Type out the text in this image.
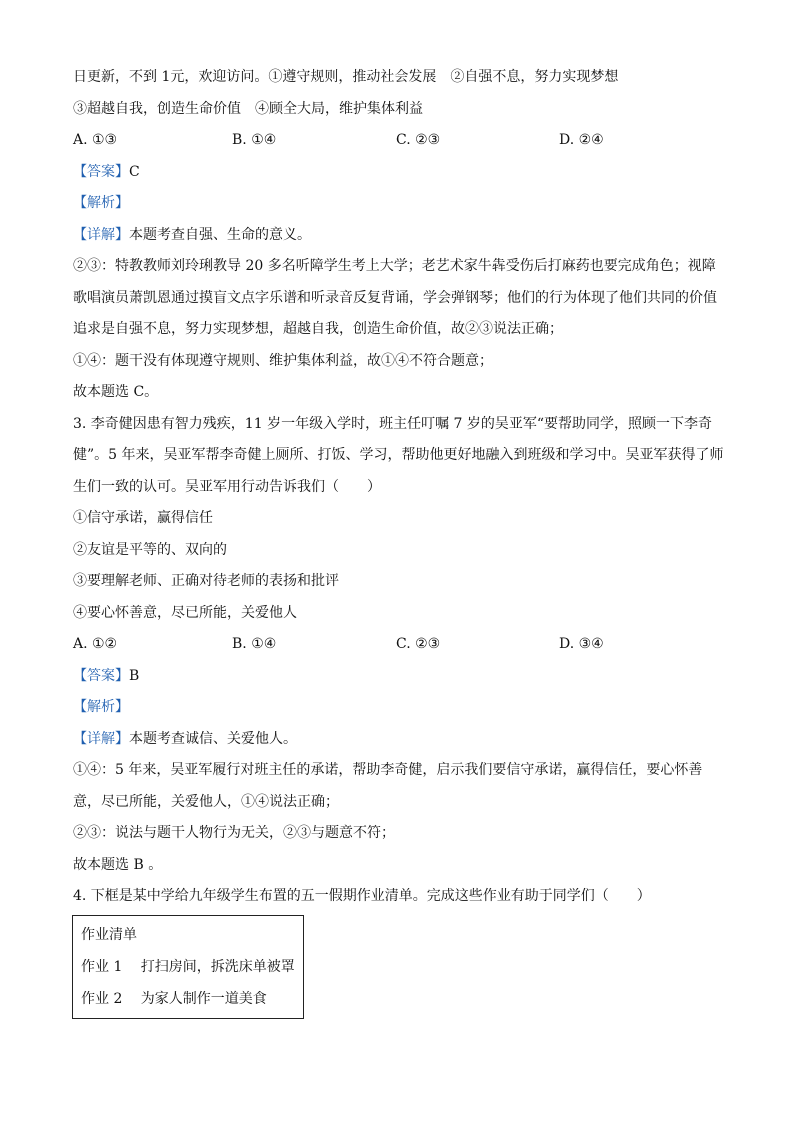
日更新，不到 1元，欢迎访问。①遵守规则，推动社会发展　②自强不息，努力实现梦想
③超越自我，创造生命价值　④顾全大局，维护集体利益
A. ①③	B. ①④	C. ②③	D. ②④
【答案】C
【解析】
【详解】本题考查自强、生命的意义。
②③：特教教师刘玲琍教导 20 多名听障学生考上大学；老艺术家牛犇受伤后打麻药也要完成角色；视障
歌唱演员萧凯恩通过摸盲文点字乐谱和听录音反复背诵，学会弹钢琴；他们的行为体现了他们共同的价值
追求是自强不息，努力实现梦想，超越自我，创造生命价值，故②③说法正确；
①④：题干没有体现遵守规则、维护集体利益，故①④不符合题意；
故本题选 C。
3. 李奇健因患有智力残疾，11 岁一年级入学时，班主任叮嘱 7 岁的吴亚军“要帮助同学，照顾一下李奇
健”。5 年来，吴亚军帮李奇健上厕所、打饭、学习，帮助他更好地融入到班级和学习中。吴亚军获得了师
生们一致的认可。吴亚军用行动告诉我们（　　）
①信守承诺，赢得信任
②友谊是平等的、双向的
③要理解老师、正确对待老师的表扬和批评
④要心怀善意，尽已所能，关爱他人
A. ①②	B. ①④	C. ②③	D. ③④
【答案】B
【解析】
【详解】本题考查诚信、关爱他人。
①④：5 年来，吴亚军履行对班主任的承诺，帮助李奇健，启示我们要信守承诺，赢得信任，要心怀善
意，尽已所能，关爱他人，①④说法正确；
②③：说法与题干人物行为无关，②③与题意不符；
故本题选 B 。
4. 下框是某中学给九年级学生布置的五一假期作业清单。完成这些作业有助于同学们（　　）
作业清单
作业 1　 打扫房间，拆洗床单被罩
作业 2　 为家人制作一道美食
